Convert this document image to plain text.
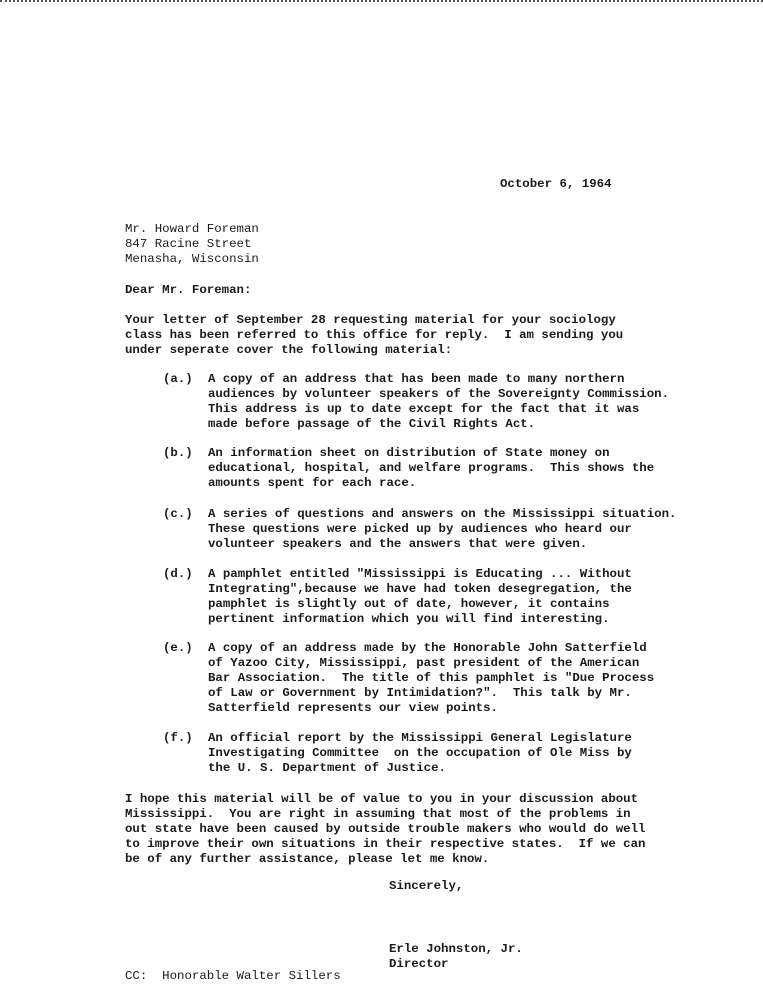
October 6, 1964
Mr. Howard Foreman
847 Racine Street
Menasha, Wisconsin
Dear Mr. Foreman:
Your letter of September 28 requesting material for your sociology
class has been referred to this office for reply.  I am sending you
under seperate cover the following material:
(a.) A copy of an address that has been made to many northern
audiences by volunteer speakers of the Sovereignty Commission.
This address is up to date except for the fact that it was
made before passage of the Civil Rights Act.
(b.) An information sheet on distribution of State money on
educational, hospital, and welfare programs.  This shows the
amounts spent for each race.
(c.) A series of questions and answers on the Mississippi situation.
These questions were picked up by audiences who heard our
volunteer speakers and the answers that were given.
(d.) A pamphlet entitled "Mississippi is Educating ... Without
Integrating",because we have had token desegregation, the
pamphlet is slightly out of date, however, it contains
pertinent information which you will find interesting.
(e.) A copy of an address made by the Honorable John Satterfield
of Yazoo City, Mississippi, past president of the American
Bar Association.  The title of this pamphlet is "Due Process
of Law or Government by Intimidation?".  This talk by Mr.
Satterfield represents our view points.
(f.) An official report by the Mississippi General Legislature
Investigating Committee  on the occupation of Ole Miss by
the U. S. Department of Justice.
I hope this material will be of value to you in your discussion about
Mississippi.  You are right in assuming that most of the problems in
out state have been caused by outside trouble makers who would do well
to improve their own situations in their respective states.  If we can
be of any further assistance, please let me know.
Sincerely,
Erle Johnston, Jr.
Director
CC:  Honorable Walter Sillers
